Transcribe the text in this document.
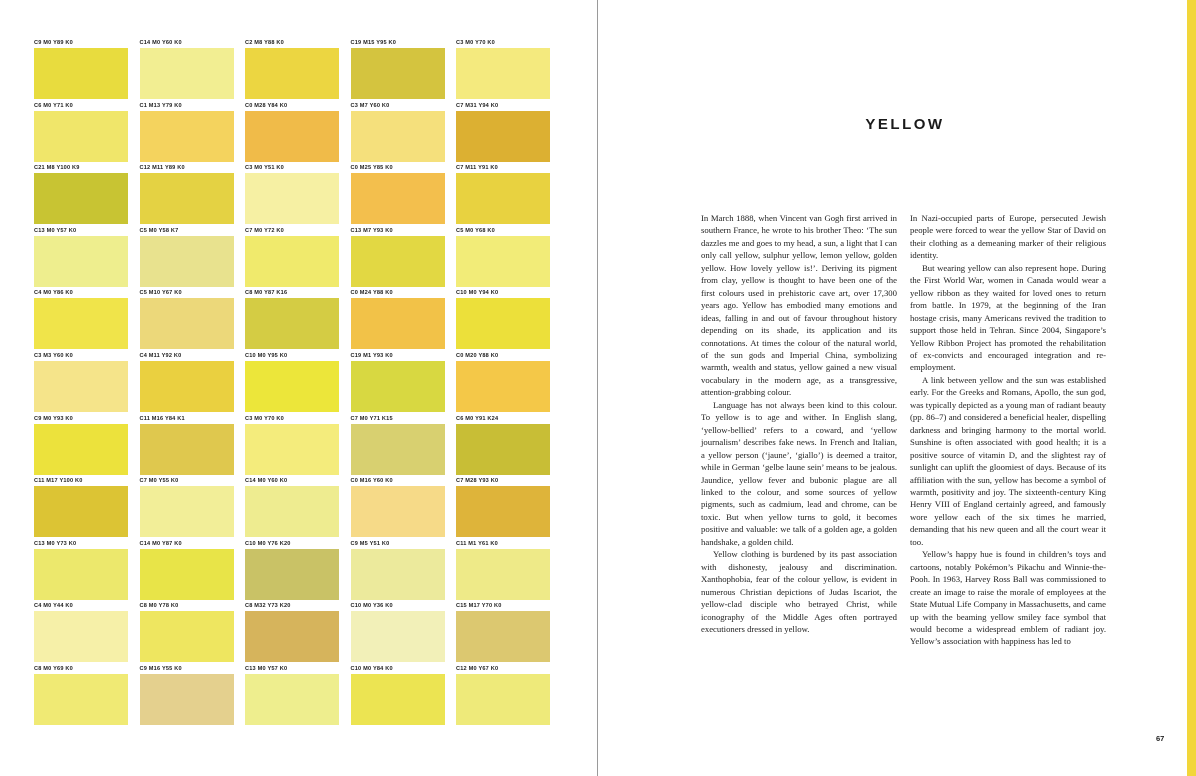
C9 M0 Y89 K0	C14 M0 Y60 K0	C2 M8 Y88 K0	C19 M15 Y95 K0	C3 M0 Y70 K0
C6 M0 Y71 K0	C1 M13 Y79 K0	C0 M28 Y84 K0	C3 M7 Y60 K0	C7 M31 Y94 K0
C21 M8 Y100 K9	C12 M11 Y89 K0	C3 M0 Y51 K0	C0 M25 Y85 K0	C7 M11 Y91 K0
C13 M0 Y57 K0	C5 M0 Y58 K7	C7 M0 Y72 K0	C13 M7 Y93 K0	C5 M0 Y68 K0
C4 M0 Y86 K0	C5 M10 Y67 K0	C8 M0 Y87 K16	C0 M24 Y88 K0	C10 M0 Y94 K0
C3 M3 Y60 K0	C4 M11 Y92 K0	C10 M0 Y95 K0	C19 M1 Y93 K0	C0 M20 Y88 K0
C9 M0 Y93 K0	C11 M16 Y84 K1	C3 M0 Y70 K0	C7 M0 Y71 K15	C6 M0 Y91 K24
C11 M17 Y100 K0	C7 M0 Y55 K0	C14 M0 Y60 K0	C0 M16 Y60 K0	C7 M28 Y93 K0
C13 M0 Y73 K0	C14 M0 Y87 K0	C10 M0 Y76 K20	C9 M5 Y51 K0	C11 M1 Y61 K0
C4 M0 Y44 K0	C8 M0 Y78 K0	C8 M32 Y73 K20	C10 M0 Y36 K0	C15 M17 Y70 K0
C8 M0 Y69 K0	C9 M16 Y55 K0	C13 M0 Y57 K0	C10 M0 Y84 K0	C12 M0 Y67 K0
YELLOW

In March 1888, when Vincent van Gogh first arrived in southern France, he wrote to his brother Theo: ‘The sun dazzles me and goes to my head, a sun, a light that I can only call yellow, sulphur yellow, lemon yellow, golden yellow. How lovely yellow is!’. Deriving its pigment from clay, yellow is thought to have been one of the first colours used in prehistoric cave art, over 17,300 years ago. Yellow has embodied many emotions and ideas, falling in and out of favour throughout history depending on its shade, its application and its connotations. At times the colour of the natural world, of the sun gods and Imperial China, symbolizing warmth, wealth and status, yellow gained a new visual vocabulary in the modern age, as a transgressive, attention-grabbing colour.

Language has not always been kind to this colour. To yellow is to age and wither. In English slang, ‘yellow-bellied’ refers to a coward, and ‘yellow journalism’ describes fake news. In French and Italian, a yellow person (‘jaune’, ‘giallo’) is deemed a traitor, while in German ‘gelbe laune sein’ means to be jealous. Jaundice, yellow fever and bubonic plague are all linked to the colour, and some sources of yellow pigments, such as cadmium, lead and chrome, can be toxic. But when yellow turns to gold, it becomes positive and valuable: we talk of a golden age, a golden handshake, a golden child.

Yellow clothing is burdened by its past association with dishonesty, jealousy and discrimination. Xanthophobia, fear of the colour yellow, is evident in numerous Christian depictions of Judas Iscariot, the yellow-clad disciple who betrayed Christ, while iconography of the Middle Ages often portrayed executioners dressed in yellow.

In Nazi-occupied parts of Europe, persecuted Jewish people were forced to wear the yellow Star of David on their clothing as a demeaning marker of their religious identity.

But wearing yellow can also represent hope. During the First World War, women in Canada would wear a yellow ribbon as they waited for loved ones to return from battle. In 1979, at the beginning of the Iran hostage crisis, many Americans revived the tradition to support those held in Tehran. Since 2004, Singapore’s Yellow Ribbon Project has promoted the rehabilitation of ex-convicts and encouraged integration and re-employment.

A link between yellow and the sun was established early. For the Greeks and Romans, Apollo, the sun god, was typically depicted as a young man of radiant beauty (pp. 86–7) and considered a beneficial healer, dispelling darkness and bringing harmony to the mortal world. Sunshine is often associated with good health; it is a positive source of vitamin D, and the slightest ray of sunlight can uplift the gloomiest of days. Because of its affiliation with the sun, yellow has become a symbol of warmth, positivity and joy. The sixteenth-century King Henry VIII of England certainly agreed, and famously wore yellow each of the six times he married, demanding that his new queen and all the court wear it too.

Yellow’s happy hue is found in children’s toys and cartoons, notably Pokémon’s Pikachu and Winnie-the-Pooh. In 1963, Harvey Ross Ball was commissioned to create an image to raise the morale of employees at the State Mutual Life Company in Massachusetts, and came up with the beaming yellow smiley face symbol that would become a widespread emblem of radiant joy. Yellow’s association with happiness has led to

67
